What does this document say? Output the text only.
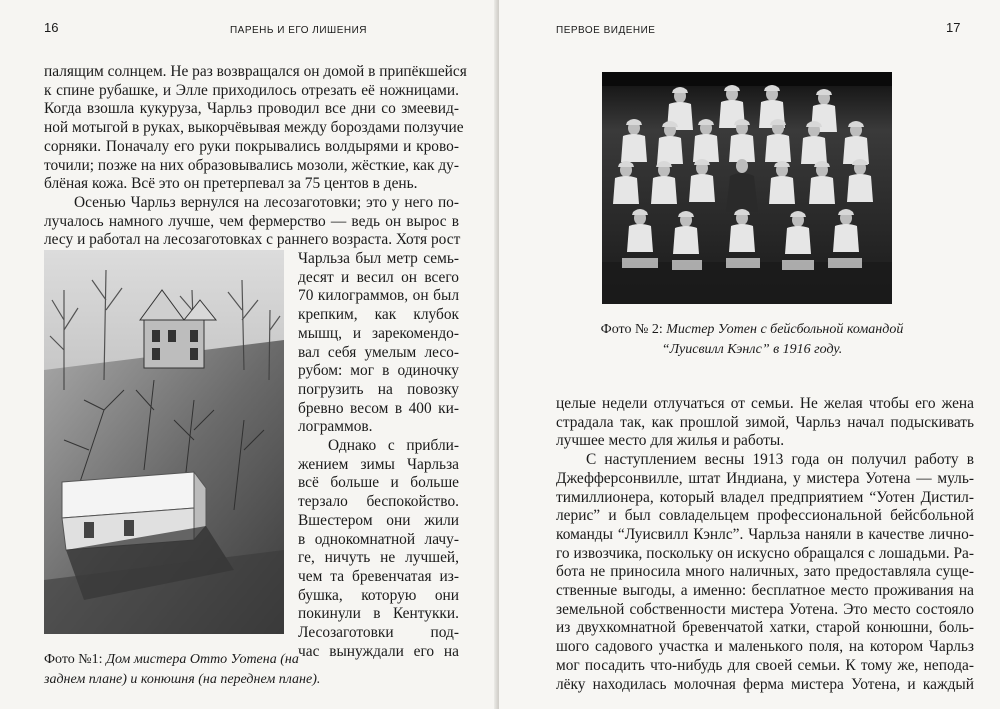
16	ПАРЕНЬ И ЕГО ЛИШЕНИЯ
палящим солнцем. Не раз возвращался он домой в припёкшейся
к спине рубашке, и Элле приходилось отрезать её ножницами.
Когда взошла кукуруза, Чарльз проводил все дни со змеевид-
ной мотыгой в руках, выкорчёвывая между бороздами ползучие
сорняки. Поначалу его руки покрывались волдырями и крово-
точили; позже на них образовывались мозоли, жёсткие, как ду-
блёная кожа. Всё это он претерпевал за 75 центов в день.
Осенью Чарльз вернулся на лесозаготовки; это у него по-
лучалось намного лучше, чем фермерство — ведь он вырос в
лесу и работал на лесозаготовках с раннего возраста. Хотя рост
Чарльза был метр семь-
десят и весил он всего
70 килограммов, он был
крепким, как клубок
мышц, и зарекомендо-
вал себя умелым лесо-
рубом: мог в одиночку
погрузить на повозку
бревно весом в 400 ки-
лограммов.
Однако с прибли-
жением зимы Чарльза
всё больше и больше
терзало беспокойство.
Вшестером они жили
в однокомнатной лачу-
ге, ничуть не лучшей,
чем та бревенчатая из-
бушка, которую они
покинули в Кентукки.
Лесозаготовки под-
час вынуждали его на
Фото №1: Дом мистера Отто Уотена (на
заднем плане) и конюшня (на переднем плане).
17
ПЕРВОЕ ВИДЕНИЕ
Фото № 2: Мистер Уотен с бейсбольной командой
“Луисвилл Кэнлс” в 1916 году.
целые недели отлучаться от семьи. Не желая чтобы его жена
страдала так, как прошлой зимой, Чарльз начал подыскивать
лучшее место для жилья и работы.
С наступлением весны 1913 года он получил работу в
Джефферсонвилле, штат Индиана, у мистера Уотена — муль-
тимиллионера, который владел предприятием “Уотен Дистил-
лерис” и был совладельцем профессиональной бейсбольной
команды “Луисвилл Кэнлс”. Чарльза наняли в качестве лично-
го извозчика, поскольку он искусно обращался с лошадьми. Ра-
бота не приносила много наличных, зато предоставляла суще-
ственные выгоды, а именно: бесплатное место проживания на
земельной собственности мистера Уотена. Это место состояло
из двухкомнатной бревенчатой хатки, старой конюшни, боль-
шого садового участка и маленького поля, на котором Чарльз
мог посадить что-нибудь для своей семьи. К тому же, непода-
лёку находилась молочная ферма мистера Уотена, и каждый
